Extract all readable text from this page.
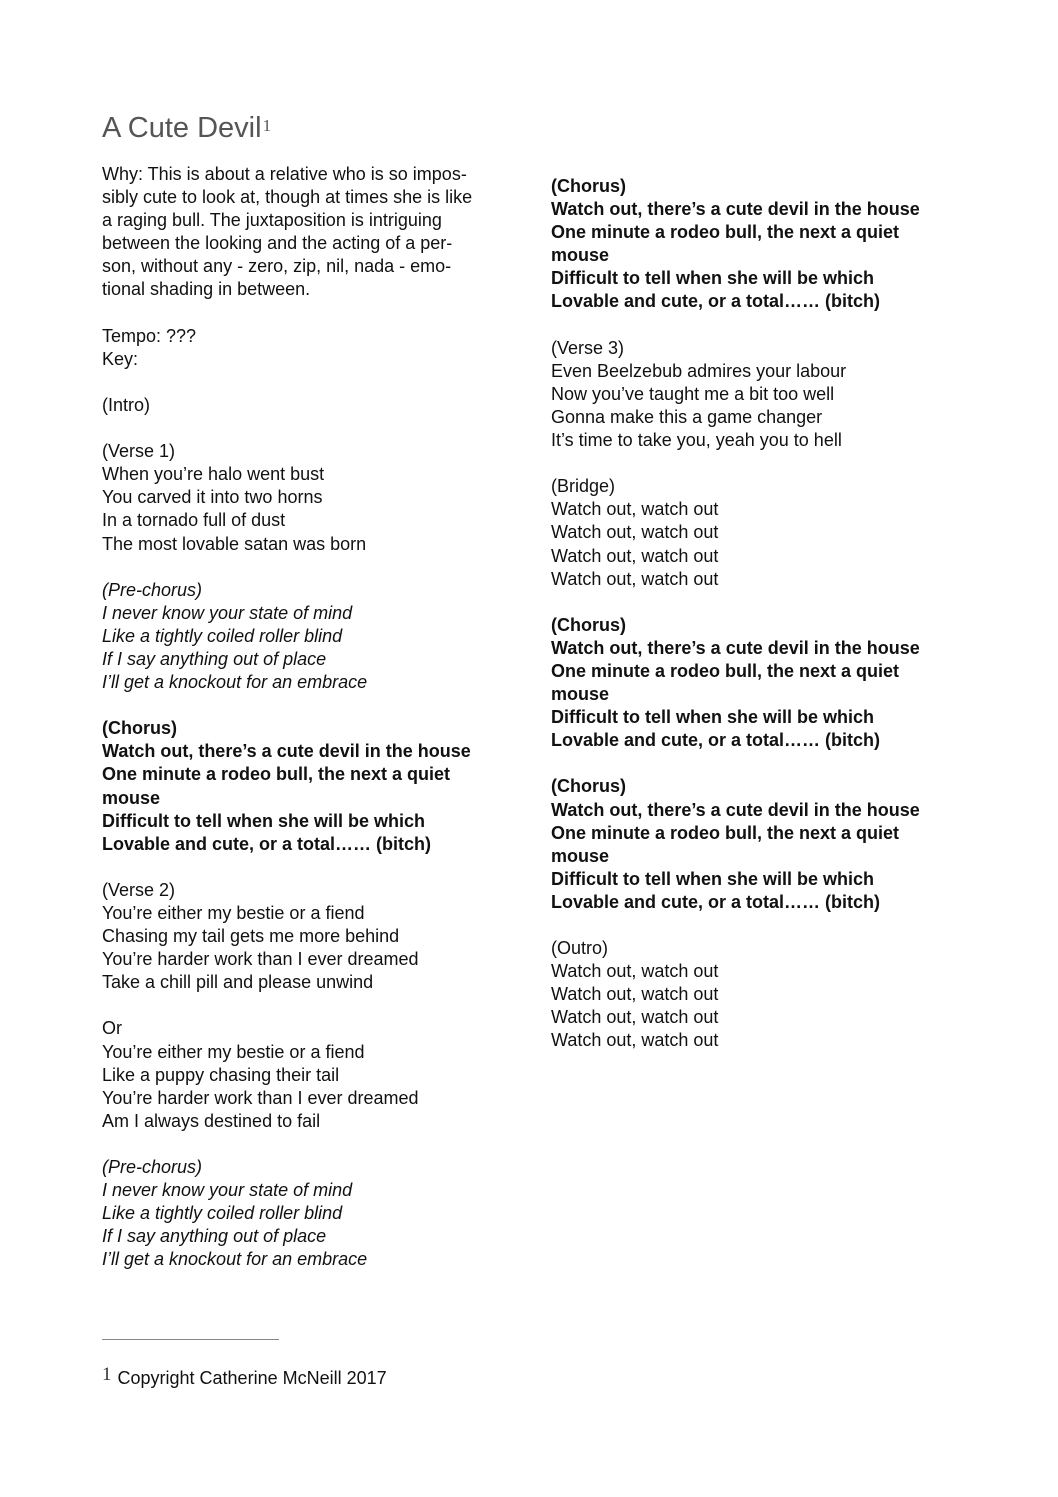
A Cute Devil$^1$
Why: This is about a relative who is so impos-
sibly cute to look at, though at times she is like
a raging bull. The juxtaposition is intriguing
between the looking and the acting of a per-
son, without any - zero, zip, nil, nada - emo-
tional shading in between.
Tempo: ???
Key:
(Intro)
(Verse 1)
When you’re halo went bust
You carved it into two horns
In a tornado full of dust
The most lovable satan was born
(Pre-chorus)
I never know your state of mind
Like a tightly coiled roller blind
If I say anything out of place
I’ll get a knockout for an embrace
(Chorus)
Watch out, there’s a cute devil in the house
One minute a rodeo bull, the next a quiet
mouse
Difficult to tell when she will be which
Lovable and cute, or a total…… (bitch)
(Verse 2)
You’re either my bestie or a fiend
Chasing my tail gets me more behind
You’re harder work than I ever dreamed
Take a chill pill and please unwind
Or
You’re either my bestie or a fiend
Like a puppy chasing their tail
You’re harder work than I ever dreamed
Am I always destined to fail
(Pre-chorus)
I never know your state of mind
Like a tightly coiled roller blind
If I say anything out of place
I’ll get a knockout for an embrace
(Chorus)
Watch out, there’s a cute devil in the house
One minute a rodeo bull, the next a quiet
mouse
Difficult to tell when she will be which
Lovable and cute, or a total…… (bitch)
(Verse 3)
Even Beelzebub admires your labour
Now you’ve taught me a bit too well
Gonna make this a game changer
It’s time to take you, yeah you to hell
(Bridge)
Watch out, watch out
Watch out, watch out
Watch out, watch out
Watch out, watch out
(Chorus)
Watch out, there’s a cute devil in the house
One minute a rodeo bull, the next a quiet
mouse
Difficult to tell when she will be which
Lovable and cute, or a total…… (bitch)
(Chorus)
Watch out, there’s a cute devil in the house
One minute a rodeo bull, the next a quiet
mouse
Difficult to tell when she will be which
Lovable and cute, or a total…… (bitch)
(Outro)
Watch out, watch out
Watch out, watch out
Watch out, watch out
Watch out, watch out
1 Copyright Catherine McNeill 2017
